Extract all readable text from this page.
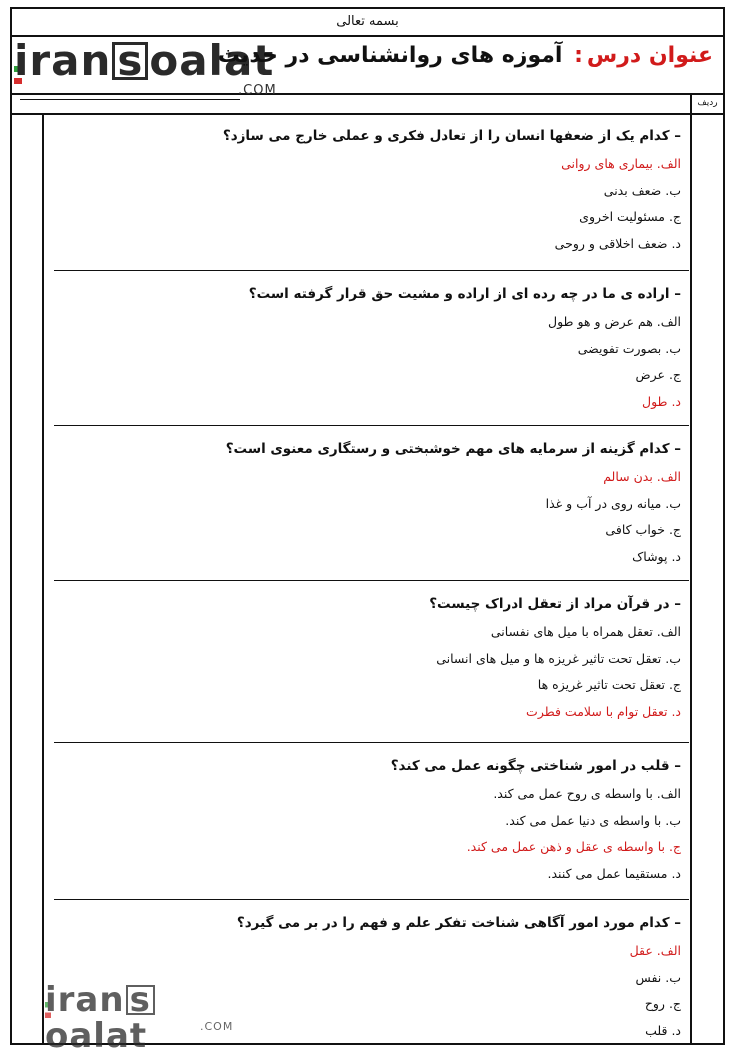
بسمه تعالی
iran s oalat
.COM
عنوان درس: آموزه های روانشناسی در حدیث
ردیف
– کدام یک از ضعفها انسان را از تعادل فکری و عملی خارج می سازد؟
الف. بیماری های روانی
ب. ضعف بدنی
ج. مسئولیت اخروی
د. ضعف اخلاقی و روحی
– اراده ی ما در چه رده ای از اراده و مشیت حق قرار گرفته است؟
الف. هم عرض و هو طول
ب. بصورت تفویضی
ج. عرض
د. طول
– کدام گزینه از سرمایه های مهم خوشبختی و رستگاری معنوی است؟
الف. بدن سالم
ب. میانه روی در آب و غذا
ج. خواب کافی
د. پوشاک
– در قرآن مراد از تعقل ادراک چیست؟
الف. تعقل همراه با میل های نفسانی
ب. تعقل تحت تاثیر غریزه ها و میل های انسانی
ج. تعقل تحت تاثیر غریزه ها
د. تعقل توام با سلامت فطرت
– قلب در امور شناختی چگونه عمل می کند؟
الف. با واسطه ی روح عمل می کند.
ب. با واسطه ی دنیا عمل می کند.
ج. با واسطه ی عقل و ذهن عمل می کند.
د. مستقیما عمل می کنند.
– کدام مورد امور آگاهی شناخت تفکر علم و فهم را در بر می گیرد؟
الف. عقل
ب. نفس
ج. روح
د. قلب
iran soalat	.COM
